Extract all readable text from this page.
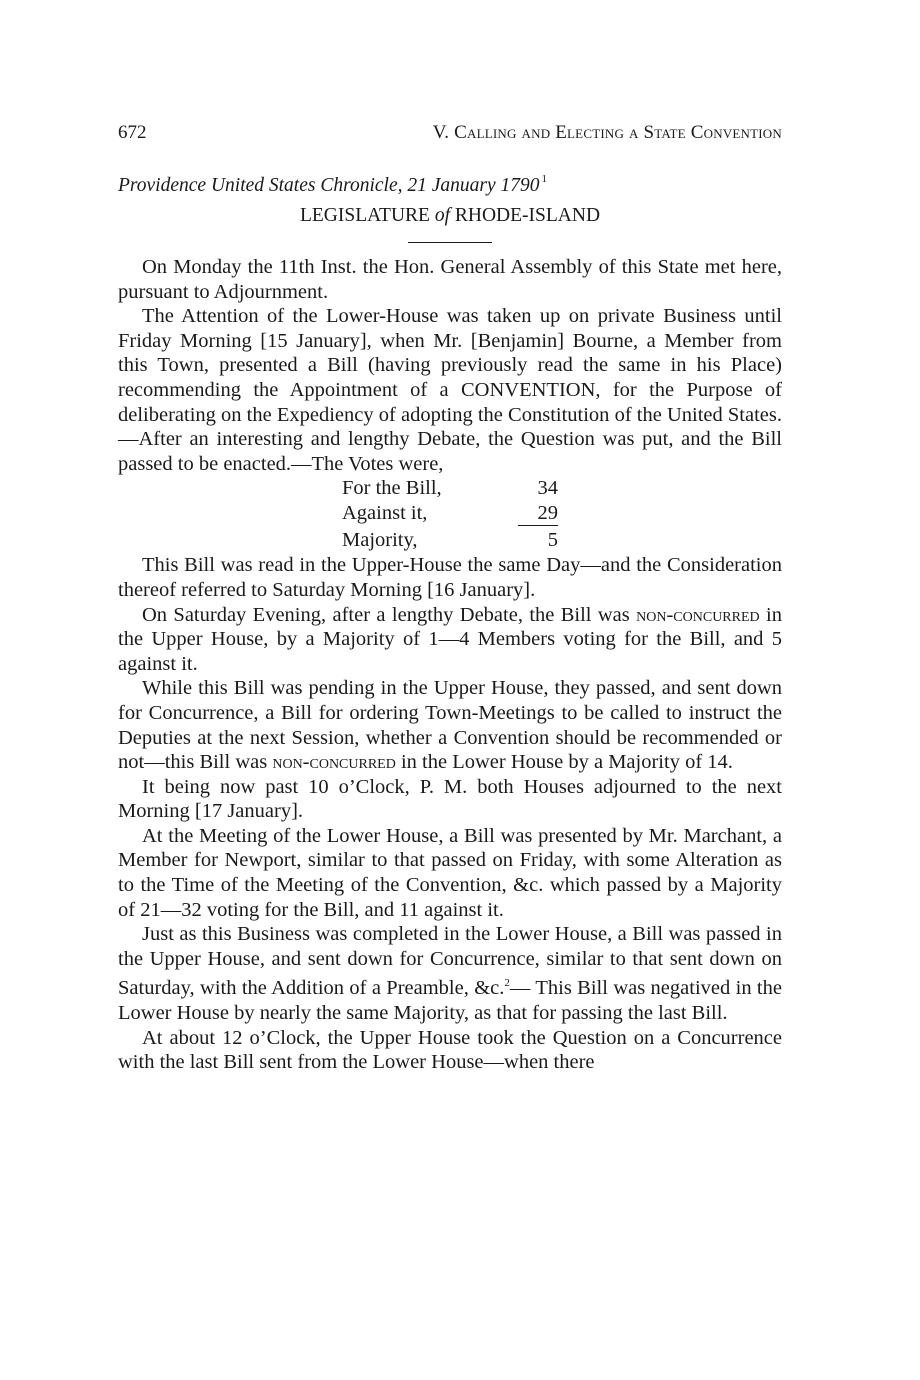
672	V. Calling and Electing a State Convention
Providence United States Chronicle, 21 January 1790 $^1$
LEGISLATURE of RHODE-ISLAND

On Monday the 11th Inst. the Hon. General Assembly of this State met here, pursuant to Adjournment.

The Attention of the Lower-House was taken up on private Business until Friday Morning [15 January], when Mr. [Benjamin] Bourne, a Member from this Town, presented a Bill (having previously read the same in his Place) recommending the Appointment of a CONVENTION, for the Purpose of deliberating on the Expediency of adopting the Constitution of the United States.—After an interesting and lengthy Debate, the Question was put, and the Bill passed to be enacted.—The Votes were,

For the Bill,	34
Against it,	29
Majority,	5

This Bill was read in the Upper-House the same Day—and the Consideration thereof referred to Saturday Morning [16 January].

On Saturday Evening, after a lengthy Debate, the Bill was non-concurred in the Upper House, by a Majority of 1—4 Members voting for the Bill, and 5 against it.

While this Bill was pending in the Upper House, they passed, and sent down for Concurrence, a Bill for ordering Town-Meetings to be called to instruct the Deputies at the next Session, whether a Convention should be recommended or not—this Bill was non-concurred in the Lower House by a Majority of 14.

It being now past 10 o’Clock, P. M. both Houses adjourned to the next Morning [17 January].

At the Meeting of the Lower House, a Bill was presented by Mr. Marchant, a Member for Newport, similar to that passed on Friday, with some Alteration as to the Time of the Meeting of the Convention, &c. which passed by a Majority of 21—32 voting for the Bill, and 11 against it.

Just as this Business was completed in the Lower House, a Bill was passed in the Upper House, and sent down for Concurrence, similar to that sent down on Saturday, with the Addition of a Preamble, &c.$^2$— This Bill was negatived in the Lower House by nearly the same Majority, as that for passing the last Bill.

At about 12 o’Clock, the Upper House took the Question on a Concurrence with the last Bill sent from the Lower House—when there
